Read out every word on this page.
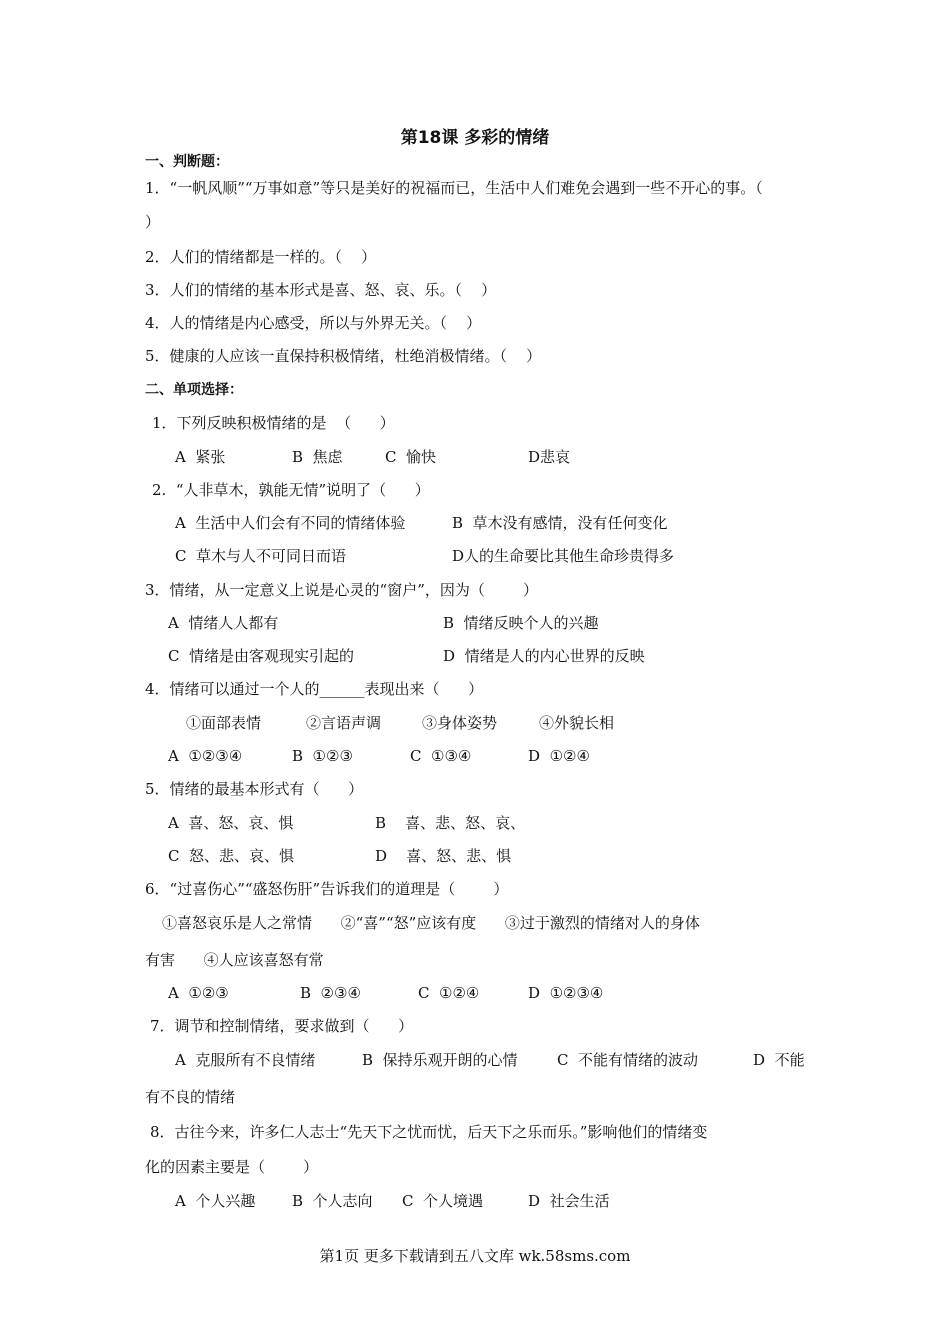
第18课 多彩的情绪
一、判断题：
1．“一帆风顺”“万事如意”等只是美好的祝福而已，生活中人们难免会遇到一些不开心的事。（
）
2．人们的情绪都是一样的。（    ）
3．人们的情绪的基本形式是喜、怒、哀、乐。（    ）
4．人的情绪是内心感受，所以与外界无关。（    ）
5．健康的人应该一直保持积极情绪，杜绝消极情绪。（    ）
二、单项选择：
1．下列反映积极情绪的是  （      ）
A  紧张	B  焦虑	C  愉快	D悲哀
2.  “人非草木，孰能无情”说明了（      ）
A  生活中人们会有不同的情绪体验	B  草木没有感情，没有任何变化
C  草木与人不可同日而语	D人的生命要比其他生命珍贵得多
3．情绪，从一定意义上说是心灵的“窗户”，因为（        ）
A  情绪人人都有	B  情绪反映个人的兴趣
C  情绪是由客观现实引起的	D  情绪是人的内心世界的反映
4．情绪可以通过一个人的______表现出来（      ）
①面部表情	②言语声调	③身体姿势	④外貌长相
A  ①②③④	B  ①②③	C  ①③④	D  ①②④
5．情绪的最基本形式有（      ）
A  喜、怒、哀、惧	B    喜、悲、怒、哀、
C  怒、悲、哀、惧	D    喜、怒、悲、惧
6．“过喜伤心”“盛怒伤肝”告诉我们的道理是（        ）
①喜怒哀乐是人之常情      ②“喜”“怒”应该有度      ③过于激烈的情绪对人的身体
有害      ④人应该喜怒有常
A  ①②③	B  ②③④	C  ①②④	D  ①②③④
7．调节和控制情绪，要求做到（      ）
A  克服所有不良情绪	B  保持乐观开朗的心情	C  不能有情绪的波动	D  不能
有不良的情绪
8．古往今来，许多仁人志士“先天下之忧而忧，后天下之乐而乐。”影响他们的情绪变
化的因素主要是（        ）
A  个人兴趣 B  个人志向 C  个人境遇	D  社会生活
第1页 更多下载请到五八文库 wk.58sms.com
